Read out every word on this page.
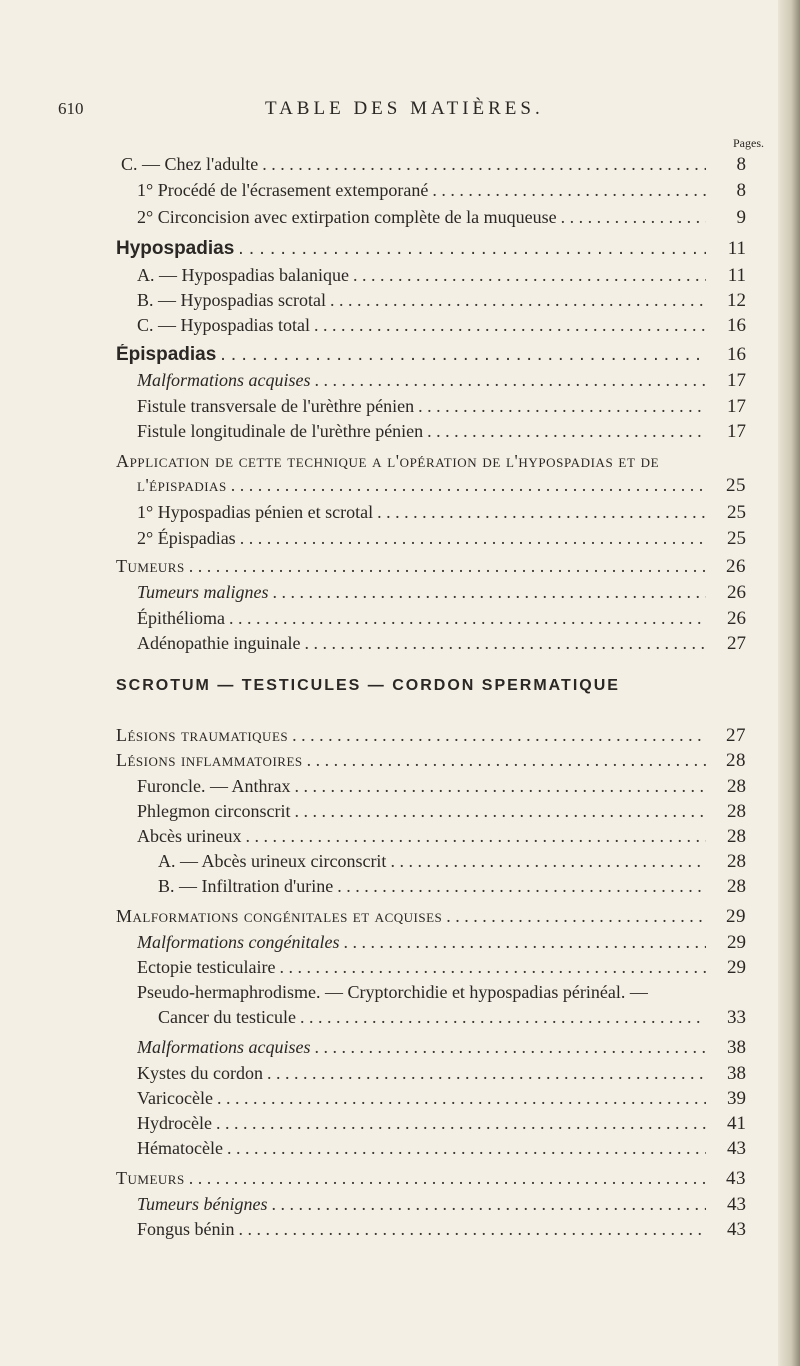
610	TABLE DES MATIÈRES.
Pages.
C. — Chez l'adulte . . .	8
1° Procédé de l'écrasement extemporané . . .	8
2° Circoncision avec extirpation complète de la muqueuse . . .	9
Hypospadias . . .	11
A. — Hypospadias balanique . . .	11
B. — Hypospadias scrotal . . .	12
C. — Hypospadias total . . .	16
Épispadias . . .	16
Malformations acquises . . .	17
Fistule transversale de l'urèthre pénien . . .	17
Fistule longitudinale de l'urèthre pénien . . .	17
Application de cette technique a l'opération de l'hypospadias et de
l'épispadias . . .	25
1° Hypospadias pénien et scrotal . . .	25
2° Épispadias . . .	25
Tumeurs . . .	26
Tumeurs malignes . . .	26
Épithélioma . . .	26
Adénopathie inguinale . . .	27
SCROTUM — TESTICULES — CORDON SPERMATIQUE
Lésions traumatiques . . .	27
Lésions inflammatoires . . .	28
Furoncle. — Anthrax . . .	28
Phlegmon circonscrit . . .	28
Abcès urineux . . .	28
A. — Abcès urineux circonscrit . . .	28
B. — Infiltration d'urine . . .	28
Malformations congénitales et acquises . . .	29
Malformations congénitales . . .	29
Ectopie testiculaire . . .	29
Pseudo-hermaphrodisme. — Cryptorchidie et hypospadias périnéal. —
Cancer du testicule . . .	33
Malformations acquises . . .	38
Kystes du cordon . . .	38
Varicocèle . . .	39
Hydrocèle . . .	41
Hématocèle . . .	43
Tumeurs . . .	43
Tumeurs bénignes . . .	43
Fongus bénin . . .	43
